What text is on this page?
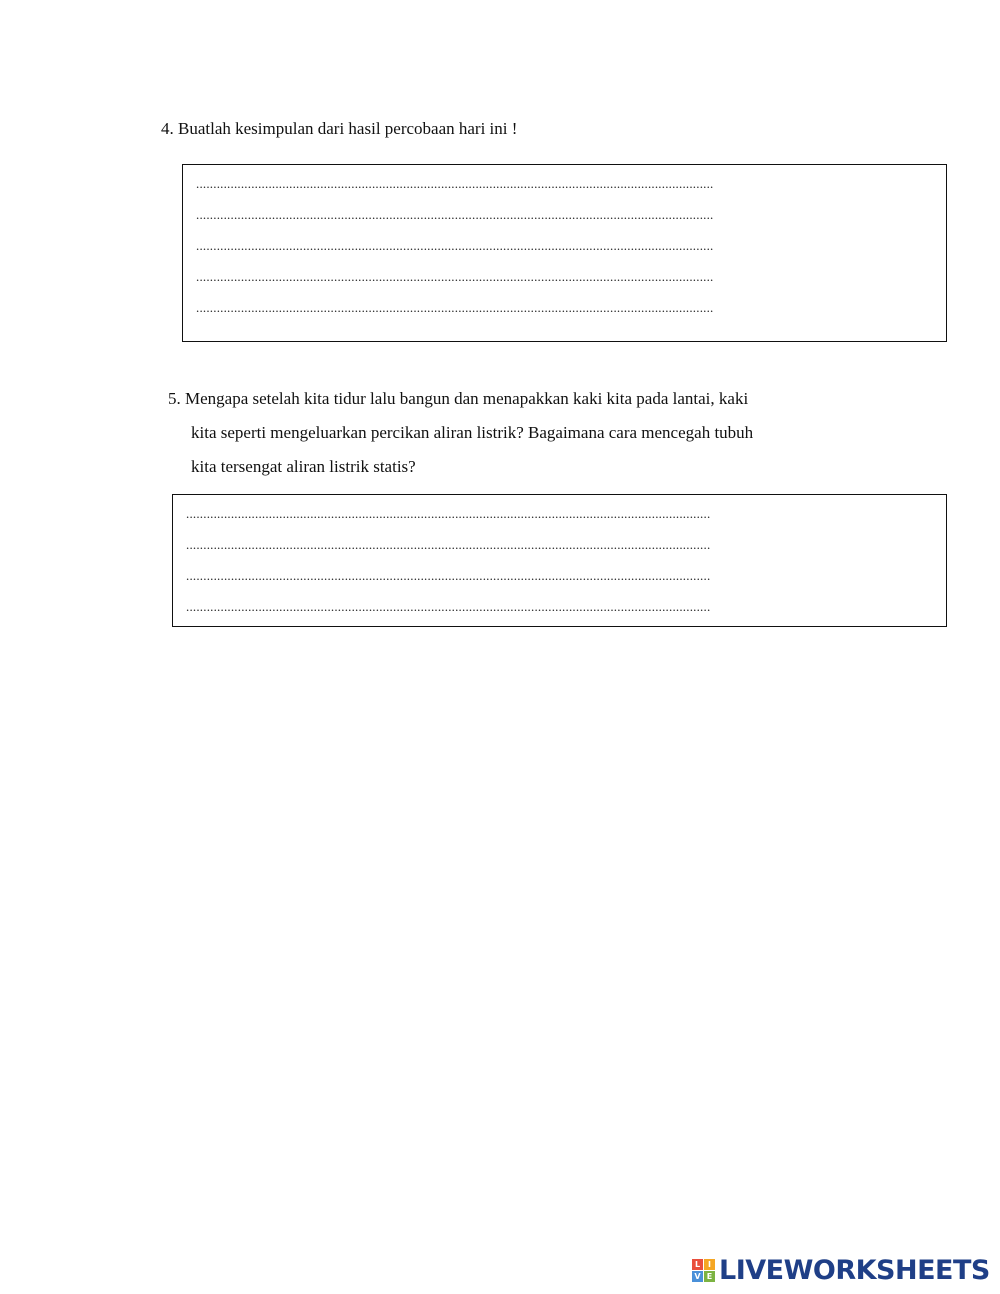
4. Buatlah kesimpulan dari hasil percobaan hari ini !
......................................................................................................................................................
......................................................................................................................................................
......................................................................................................................................................
......................................................................................................................................................
......................................................................................................................................................
5. Mengapa setelah kita tidur lalu bangun dan menapakkan kaki kita pada lantai, kaki
kita seperti mengeluarkan percikan aliran listrik? Bagaimana cara mencegah tubuh
kita tersengat aliran listrik statis?
........................................................................................................................................................
........................................................................................................................................................
........................................................................................................................................................
........................................................................................................................................................
L I
V E LIVEWORKSHEETS
